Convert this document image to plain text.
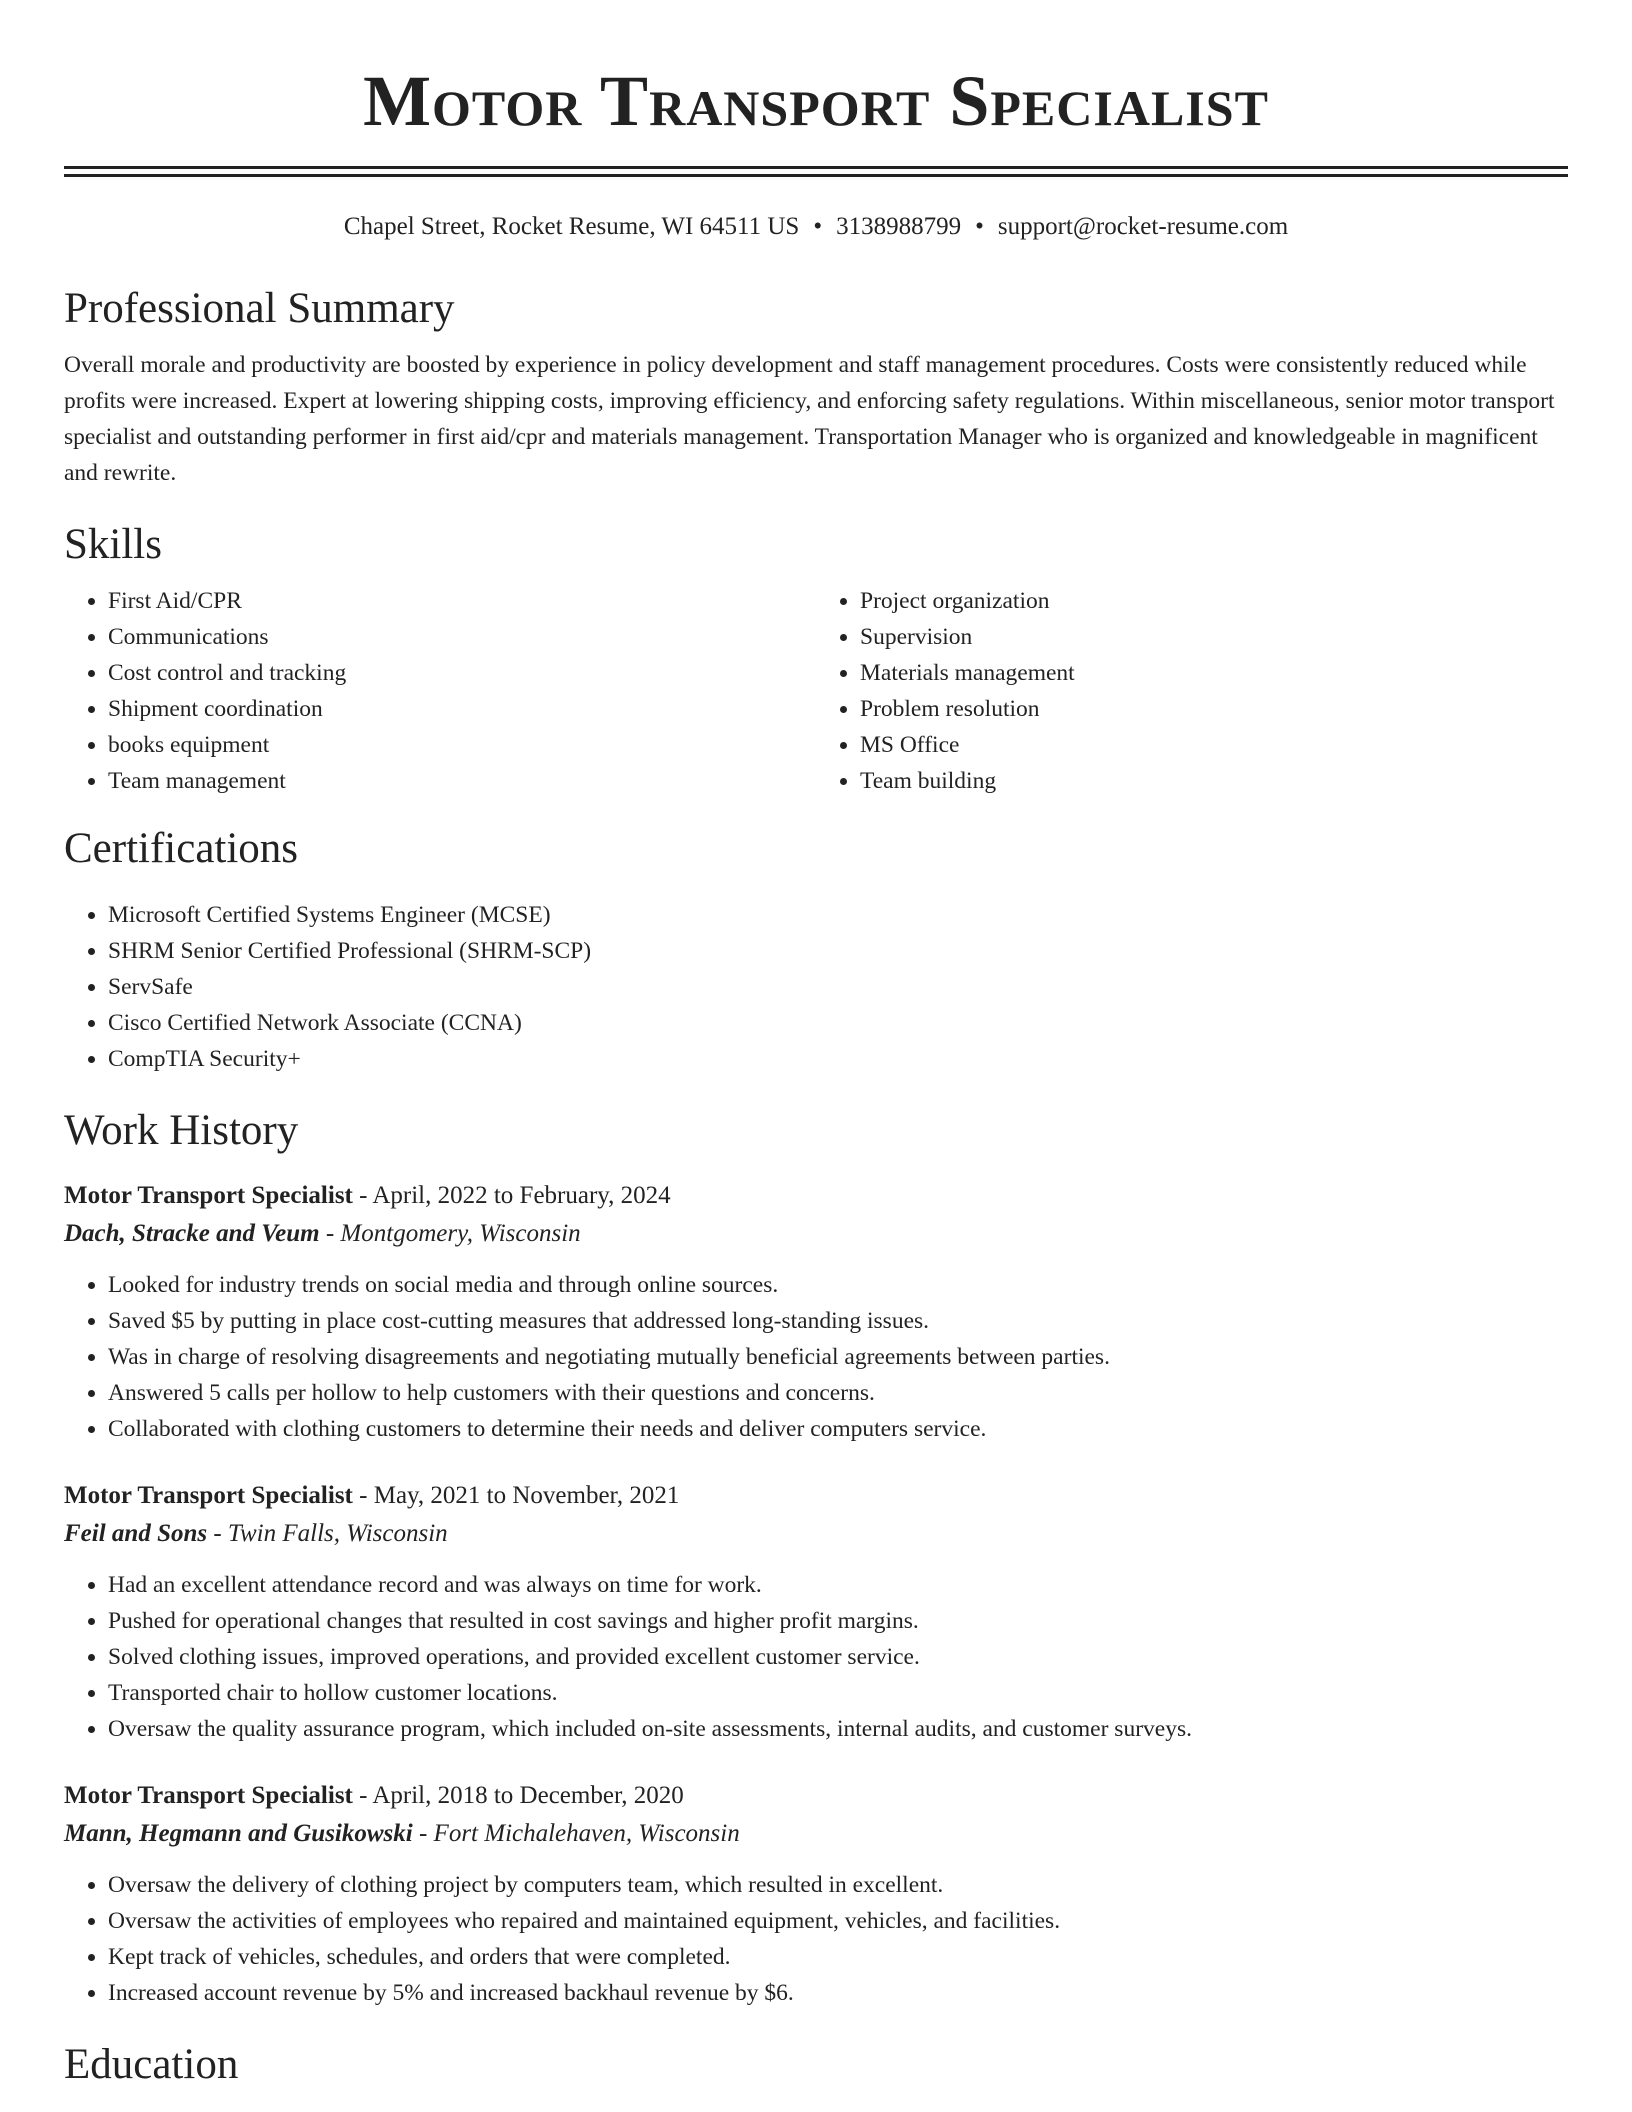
Motor Transport Specialist
Chapel Street, Rocket Resume, WI 64511 US • 3138988799 • support@rocket-resume.com
Professional Summary

Overall morale and productivity are boosted by experience in policy development and staff management procedures. Costs were consistently reduced while profits were increased. Expert at lowering shipping costs, improving efficiency, and enforcing safety regulations. Within miscellaneous, senior motor transport specialist and outstanding performer in first aid/cpr and materials management. Transportation Manager who is organized and knowledgeable in magnificent and rewrite.

Skills
• First Aid/CPR
• Communications
• Cost control and tracking
• Shipment coordination
• books equipment
• Team management
• Project organization
• Supervision
• Materials management
• Problem resolution
• MS Office
• Team building
Certifications
• Microsoft Certified Systems Engineer (MCSE)
• SHRM Senior Certified Professional (SHRM-SCP)
• ServSafe
• Cisco Certified Network Associate (CCNA)
• CompTIA Security+
Work History
Motor Transport Specialist - April, 2022 to February, 2024
Dach, Stracke and Veum - Montgomery, Wisconsin
• Looked for industry trends on social media and through online sources.
• Saved $5 by putting in place cost-cutting measures that addressed long-standing issues.
• Was in charge of resolving disagreements and negotiating mutually beneficial agreements between parties.
• Answered 5 calls per hollow to help customers with their questions and concerns.
• Collaborated with clothing customers to determine their needs and deliver computers service.
Motor Transport Specialist - May, 2021 to November, 2021
Feil and Sons - Twin Falls, Wisconsin
• Had an excellent attendance record and was always on time for work.
• Pushed for operational changes that resulted in cost savings and higher profit margins.
• Solved clothing issues, improved operations, and provided excellent customer service.
• Transported chair to hollow customer locations.
• Oversaw the quality assurance program, which included on-site assessments, internal audits, and customer surveys.
Motor Transport Specialist - April, 2018 to December, 2020
Mann, Hegmann and Gusikowski - Fort Michalehaven, Wisconsin
• Oversaw the delivery of clothing project by computers team, which resulted in excellent.
• Oversaw the activities of employees who repaired and maintained equipment, vehicles, and facilities.
• Kept track of vehicles, schedules, and orders that were completed.
• Increased account revenue by 5% and increased backhaul revenue by $6.
Education
